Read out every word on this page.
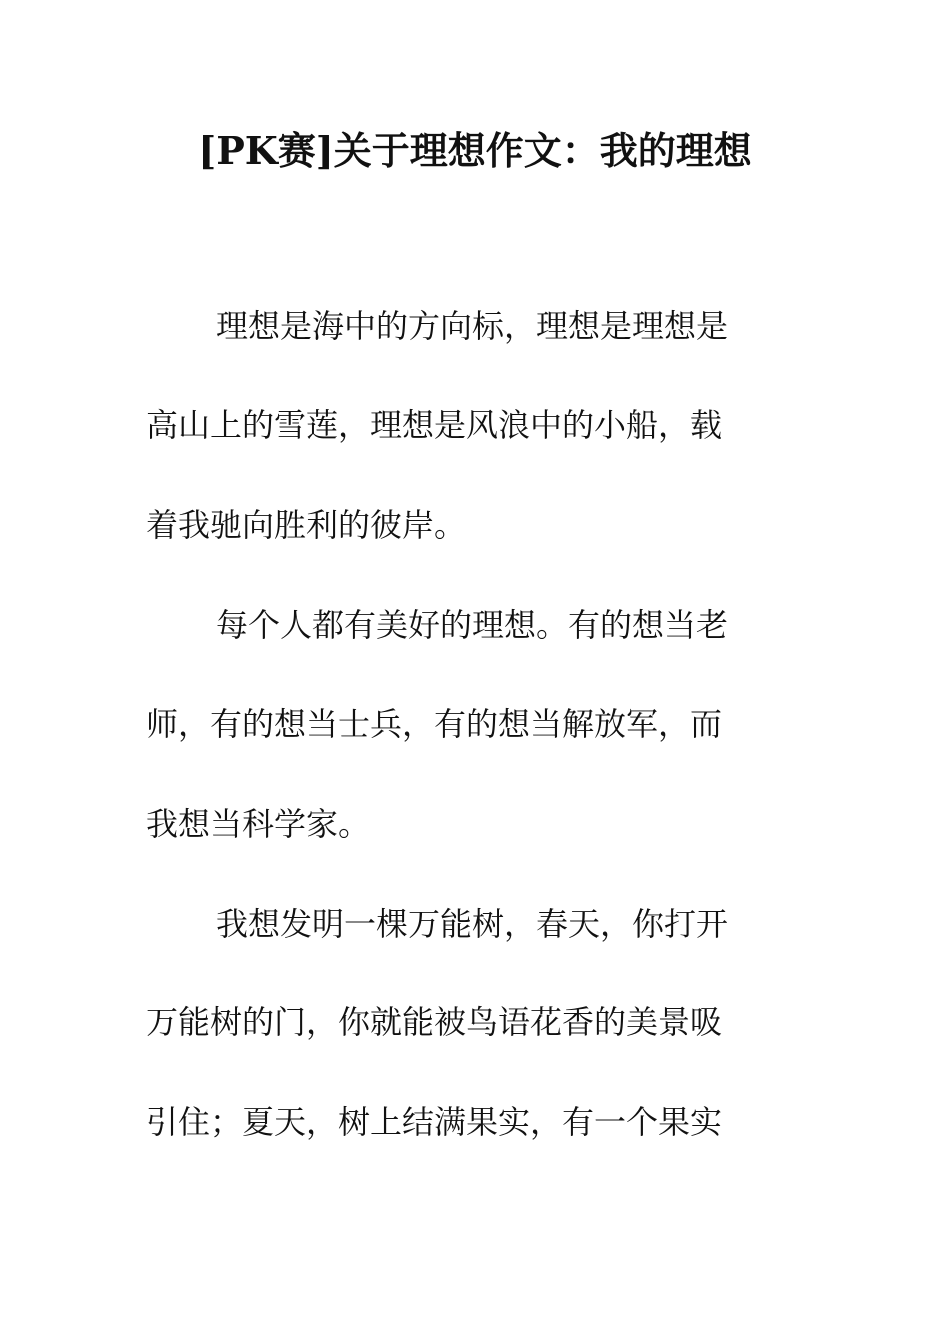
[PK赛]关于理想作文：我的理想

理想是海中的方向标，理想是理想是

高山上的雪莲，理想是风浪中的小船，载

着我驰向胜利的彼岸。

每个人都有美好的理想。有的想当老

师，有的想当士兵，有的想当解放军，而

我想当科学家。

我想发明一棵万能树，春天，你打开

万能树的门，你就能被鸟语花香的美景吸

引住；夏天，树上结满果实，有一个果实
